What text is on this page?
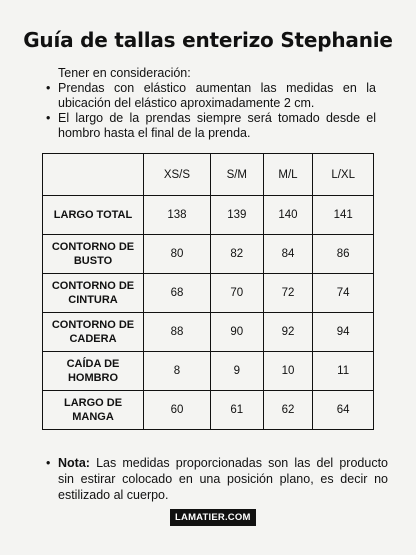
Guía de tallas enterizo Stephanie
Tener en consideración:
• Prendas con elástico aumentan las medidas en la ubicación del elástico aproximadamente 2 cm.
• El largo de la prendas siempre será tomado desde el hombro hasta el final de la prenda.
	XS/S	S/M	M/L	L/XL
LARGO TOTAL	138	139	140	141
CONTORNO DE BUSTO	80	82	84	86
CONTORNO DE CINTURA	68	70	72	74
CONTORNO DE CADERA	88	90	92	94
CAÍDA DE HOMBRO	8	9	10	11
LARGO DE MANGA	60	61	62	64
• Nota: Las medidas proporcionadas son las del producto sin estirar colocado en una posición plano, es decir no estilizado al cuerpo.
LAMATIER.COM
